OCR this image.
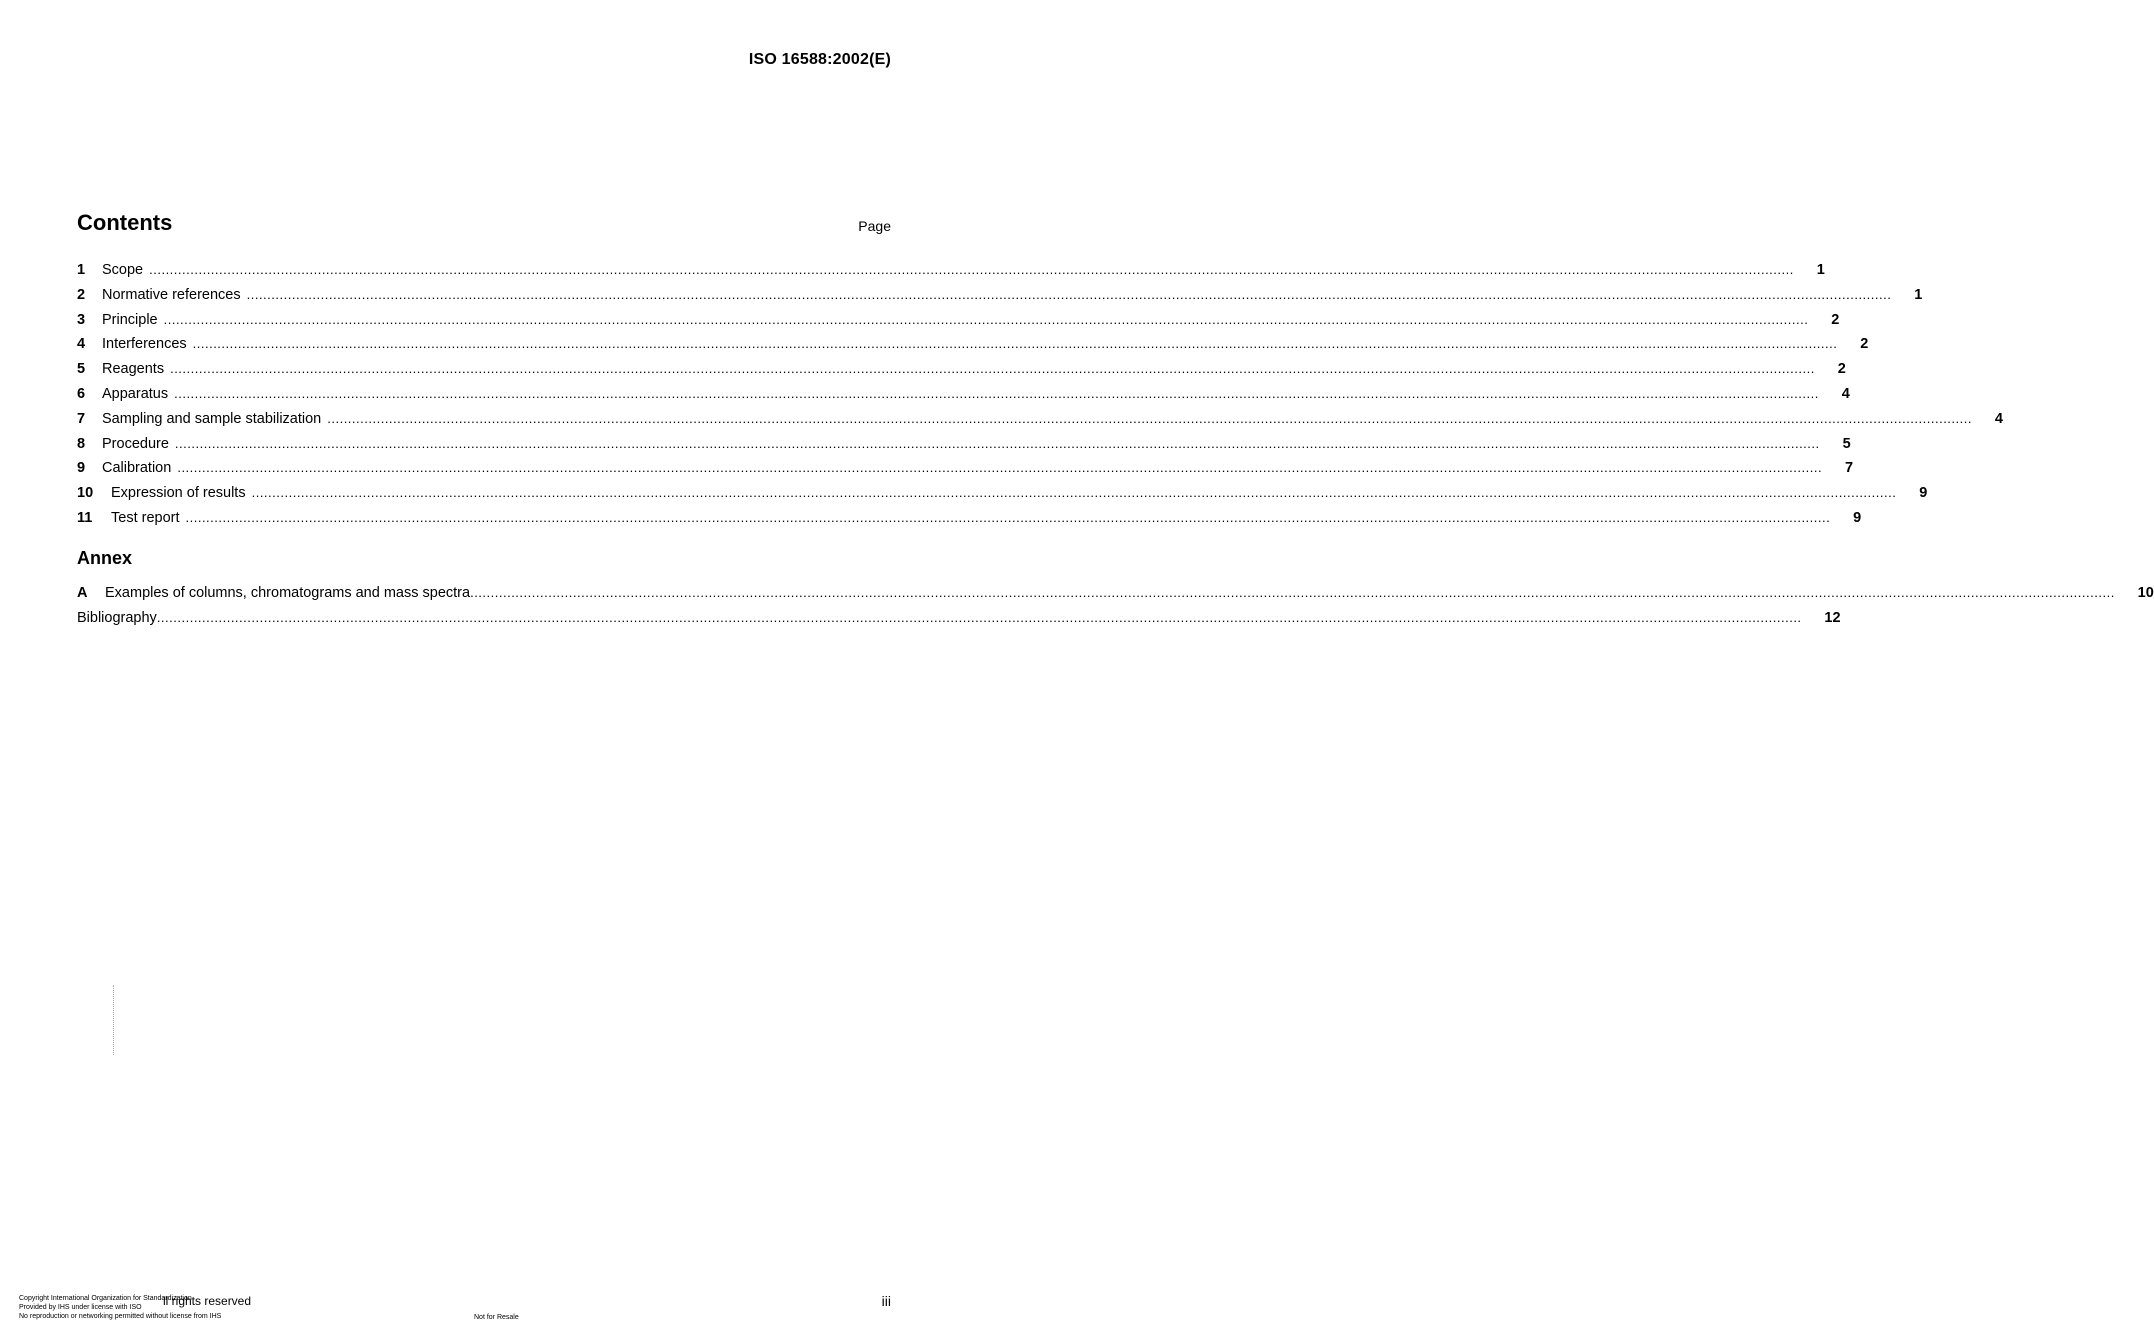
ISO 16588:2002(E)
Contents	Page
1	Scope ................................................................................................................................................................................................................................................................................................................................................................................................................	1
2	Normative references ................................................................................................................................................................................................................................................................................................................................................................................................................	1
3	Principle ................................................................................................................................................................................................................................................................................................................................................................................................................	2
4	Interferences ................................................................................................................................................................................................................................................................................................................................................................................................................	2
5	Reagents ................................................................................................................................................................................................................................................................................................................................................................................................................	2
6	Apparatus ................................................................................................................................................................................................................................................................................................................................................................................................................	4
7	Sampling and sample stabilization ................................................................................................................................................................................................................................................................................................................................................................................................................	4
8	Procedure ................................................................................................................................................................................................................................................................................................................................................................................................................	5
9	Calibration ................................................................................................................................................................................................................................................................................................................................................................................................................	7
10	Expression of results ................................................................................................................................................................................................................................................................................................................................................................................................................	9
11	Test report ................................................................................................................................................................................................................................................................................................................................................................................................................	9
Annex
A	Examples of columns, chromatograms and mass spectra ................................................................................................................................................................................................................................................................................................................................................................................................................	10
Bibliography ................................................................................................................................................................................................................................................................................................................................................................................................................	12
Copyright International Organization for Standardization
Provided by IHS under license with ISO
No reproduction or networking permitted without license from IHS
ll rights reserved
Not for Resale
iii
